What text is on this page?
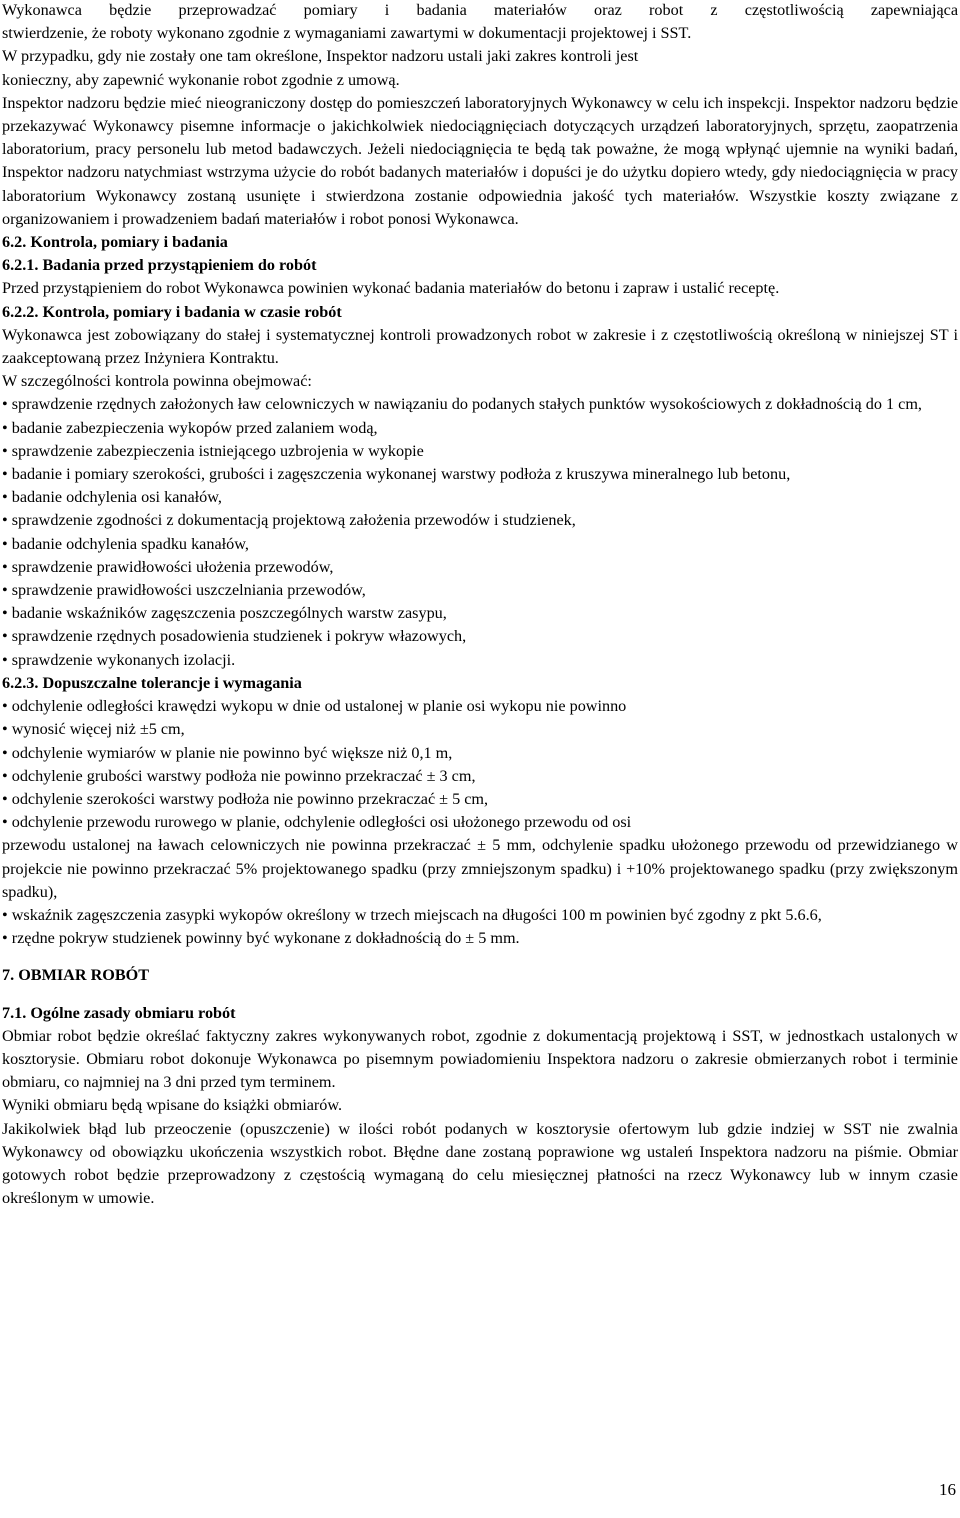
Wykonawca będzie przeprowadzać pomiary i badania materiałów oraz robot z częstotliwością zapewniająca
stwierdzenie, że roboty wykonano zgodnie z wymaganiami zawartymi w dokumentacji projektowej i SST.
W przypadku, gdy nie zostały one tam określone, Inspektor nadzoru ustali jaki zakres kontroli jest
konieczny, aby zapewnić wykonanie robot zgodnie z umową.

Inspektor nadzoru będzie mieć nieograniczony dostęp do pomieszczeń laboratoryjnych Wykonawcy w celu ich inspekcji. Inspektor nadzoru będzie przekazywać Wykonawcy pisemne informacje o jakichkolwiek niedociągnięciach dotyczących urządzeń laboratoryjnych, sprzętu, zaopatrzenia laboratorium, pracy personelu lub metod badawczych. Jeżeli niedociągnięcia te będą tak poważne, że mogą wpłynąć ujemnie na wyniki badań, Inspektor nadzoru natychmiast wstrzyma użycie do robót badanych materiałów i dopuści je do użytku dopiero wtedy, gdy niedociągnięcia w pracy laboratorium Wykonawcy zostaną usunięte i stwierdzona zostanie odpowiednia jakość tych materiałów. Wszystkie koszty związane z organizowaniem i prowadzeniem badań materiałów i robot ponosi Wykonawca.

6.2. Kontrola, pomiary i badania
6.2.1. Badania przed przystąpieniem do robót

Przed przystąpieniem do robot Wykonawca powinien wykonać badania materiałów do betonu i zapraw i ustalić receptę.

6.2.2. Kontrola, pomiary i badania w czasie robót

Wykonawca jest zobowiązany do stałej i systematycznej kontroli prowadzonych robot w zakresie i z częstotliwością określoną w niniejszej ST i zaakceptowaną przez Inżyniera Kontraktu.

W szczególności kontrola powinna obejmować:

• sprawdzenie rzędnych założonych ław celowniczych w nawiązaniu do podanych stałych punktów wysokościowych z dokładnością do 1 cm,

• badanie zabezpieczenia wykopów przed zalaniem wodą,

• sprawdzenie zabezpieczenia istniejącego uzbrojenia w wykopie

• badanie i pomiary szerokości, grubości i zagęszczenia wykonanej warstwy podłoża z kruszywa mineralnego lub betonu,

• badanie odchylenia osi kanałów,

• sprawdzenie zgodności z dokumentacją projektową założenia przewodów i studzienek,

• badanie odchylenia spadku kanałów,

• sprawdzenie prawidłowości ułożenia przewodów,

• sprawdzenie prawidłowości uszczelniania przewodów,

• badanie wskaźników zagęszczenia poszczególnych warstw zasypu,

• sprawdzenie rzędnych posadowienia studzienek i pokryw włazowych,

• sprawdzenie wykonanych izolacji.

6.2.3. Dopuszczalne tolerancje i wymagania

• odchylenie odległości krawędzi wykopu w dnie od ustalonej w planie osi wykopu nie powinno

• wynosić więcej niż ±5 cm,

• odchylenie wymiarów w planie nie powinno być większe niż 0,1 m,

• odchylenie grubości warstwy podłoża nie powinno przekraczać ± 3 cm,

• odchylenie szerokości warstwy podłoża nie powinno przekraczać ± 5 cm,

• odchylenie przewodu rurowego w planie, odchylenie odległości osi ułożonego przewodu od osi

przewodu ustalonej na ławach celowniczych nie powinna przekraczać ± 5 mm, odchylenie spadku ułożonego przewodu od przewidzianego w projekcie nie powinno przekraczać 5% projektowanego spadku (przy zmniejszonym spadku) i +10% projektowanego spadku (przy zwiększonym spadku),

• wskaźnik zagęszczenia zasypki wykopów określony w trzech miejscach na długości 100 m powinien być zgodny z pkt 5.6.6,

• rzędne pokryw studzienek powinny być wykonane z dokładnością do ± 5 mm.

7. OBMIAR ROBÓT
7.1. Ogólne zasady obmiaru robót

Obmiar robot będzie określać faktyczny zakres wykonywanych robot, zgodnie z dokumentacją projektową i SST, w jednostkach ustalonych w kosztorysie. Obmiaru robot dokonuje Wykonawca po pisemnym powiadomieniu Inspektora nadzoru o zakresie obmierzanych robot i terminie obmiaru, co najmniej na 3 dni przed tym terminem.

Wyniki obmiaru będą wpisane do książki obmiarów.

Jakikolwiek błąd lub przeoczenie (opuszczenie) w ilości robót podanych w kosztorysie ofertowym lub gdzie indziej w SST nie zwalnia Wykonawcy od obowiązku ukończenia wszystkich robot. Błędne dane zostaną poprawione wg ustaleń Inspektora nadzoru na piśmie. Obmiar gotowych robot będzie przeprowadzony z częstością wymaganą do celu miesięcznej płatności na rzecz Wykonawcy lub w innym czasie określonym w umowie.

16
